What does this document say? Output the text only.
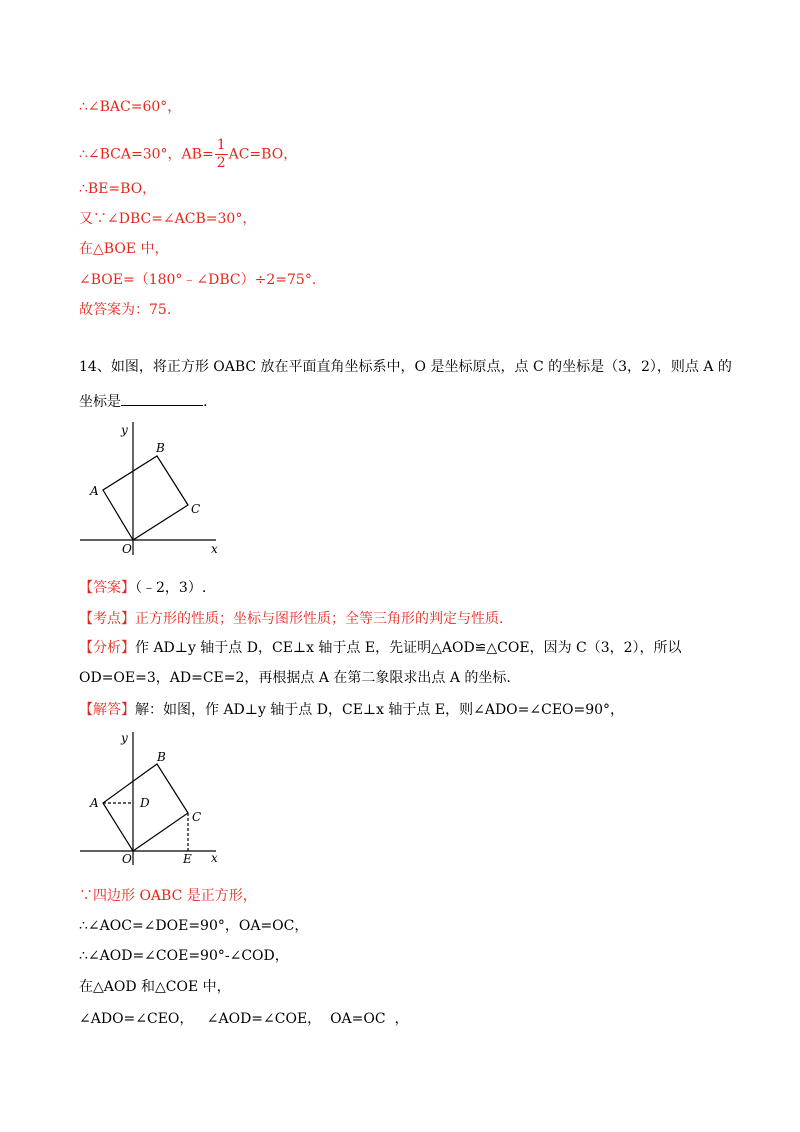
∴∠BAC=60°，
∴∠BCA=30°，$AB= \frac{1}{2} AC=BO$，
∴BE=BO，
又∵∠DBC=∠ACB=30°，
在△BOE 中，
∠BOE=（180°﹣∠DBC）÷2=75°.
故答案为：75.
14、如图，将正方形 OABC 放在平面直角坐标系中，O 是坐标原点，点 C 的坐标是（3，2），则点 A 的
坐标是	.
y
x
O
A
B
C
【答案】（﹣2，3）.
【考点】正方形的性质；坐标与图形性质；全等三角形的判定与性质.
【分析】作 AD⊥y 轴于点 D，CE⊥x 轴于点 E，先证明△AOD≌△COE，因为 C（3，2），所以
OD=OE=3，AD=CE=2，再根据点 A 在第二象限求出点 A 的坐标.
【解答】解：如图，作 AD⊥y 轴于点 D，CE⊥x 轴于点 E，则∠ADO=∠CEO=90°，
y
x
O
A
B
C
D
E
∵四边形 OABC 是正方形，
∴∠AOC=∠DOE=90°，OA=OC，
∴∠AOD=∠COE=90°-∠COD，
在△AOD 和△COE 中，
∠ADO=∠CEO，   ∠AOD=∠COE，  OA=OC  ，
